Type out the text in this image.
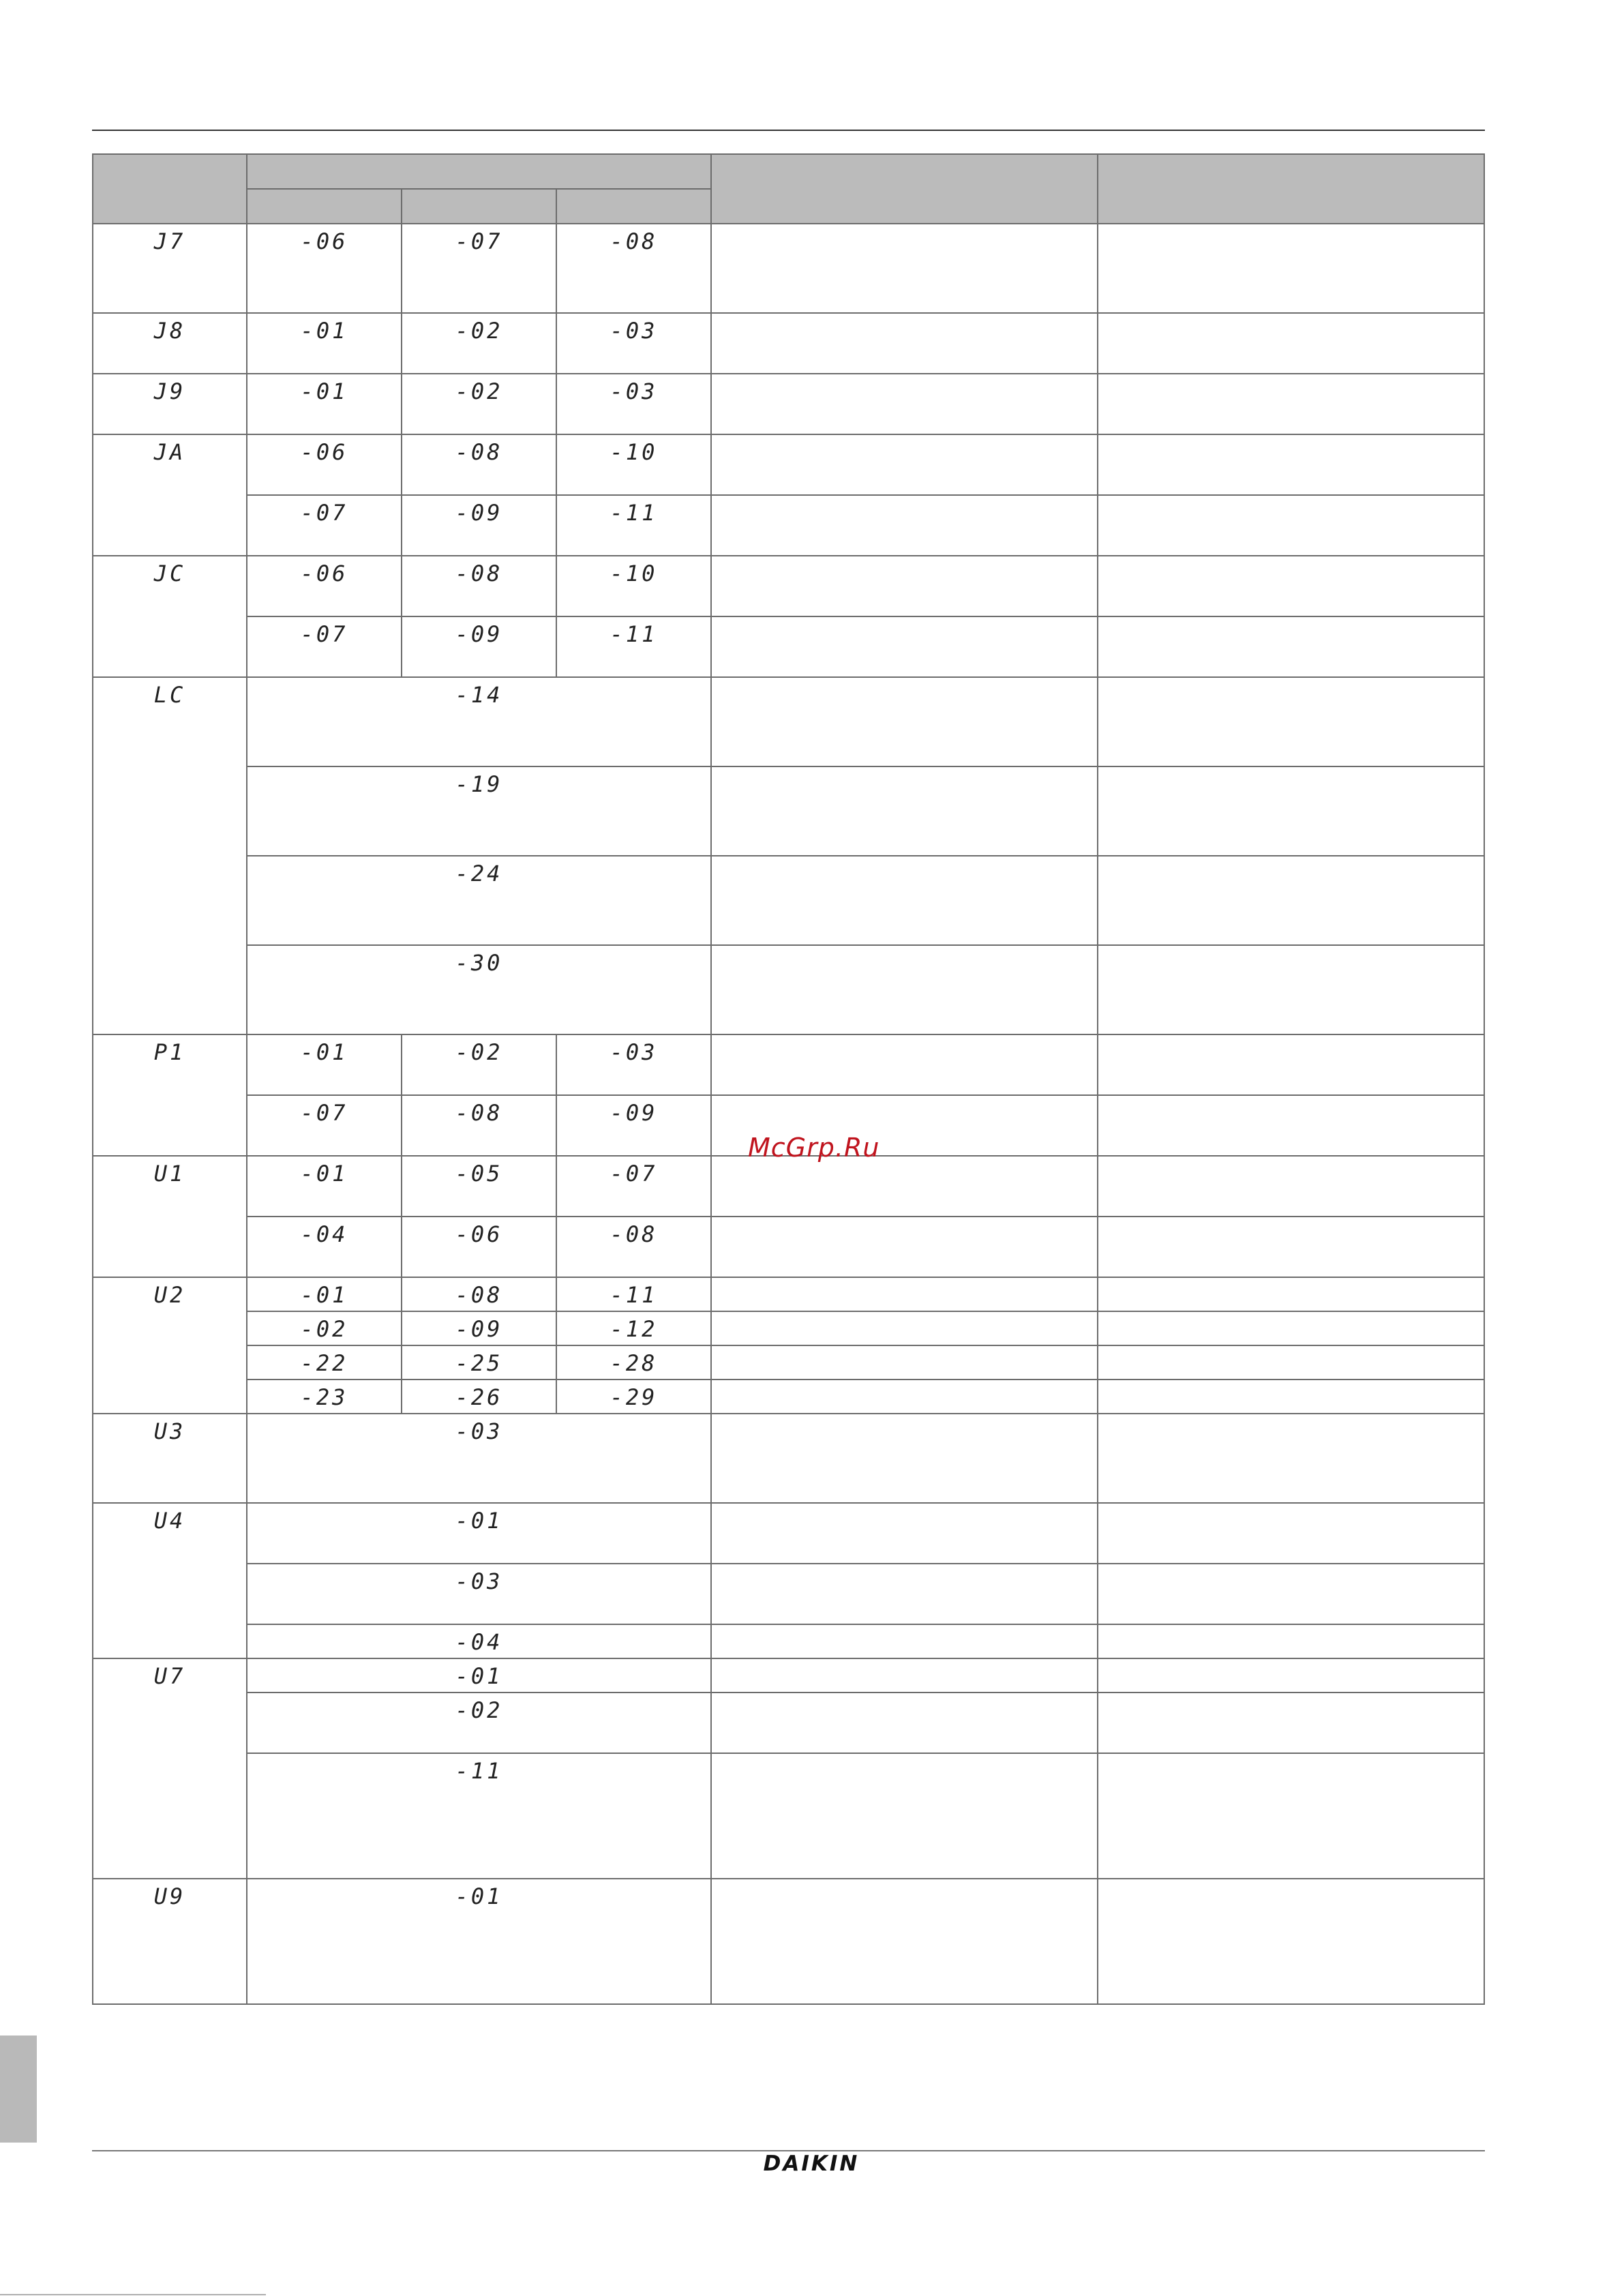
J7	-06	-07	-08		

J8	-01	-02	-03		

J9	-01	-02	-03		

JA	-06	-08	-10		

	-07	-09	-11		

JC	-06	-08	-10		

	-07	-09	-11		

LC	-14				

	-19				

	-24				

	-30				

P1	-01	-02	-03		

	-07	-08	-09		

U1	-01	-05	-07		

	-04	-06	-08		

U2	-01	-08	-11		

	-02	-09	-12		

	-22	-25	-28		

	-23	-26	-29		

U3	-03				

U4	-01				

	-03				

	-04				

U7	-01				

	-02				

	-11				

U9	-01				

McGrp.Ru
DAIKIN
